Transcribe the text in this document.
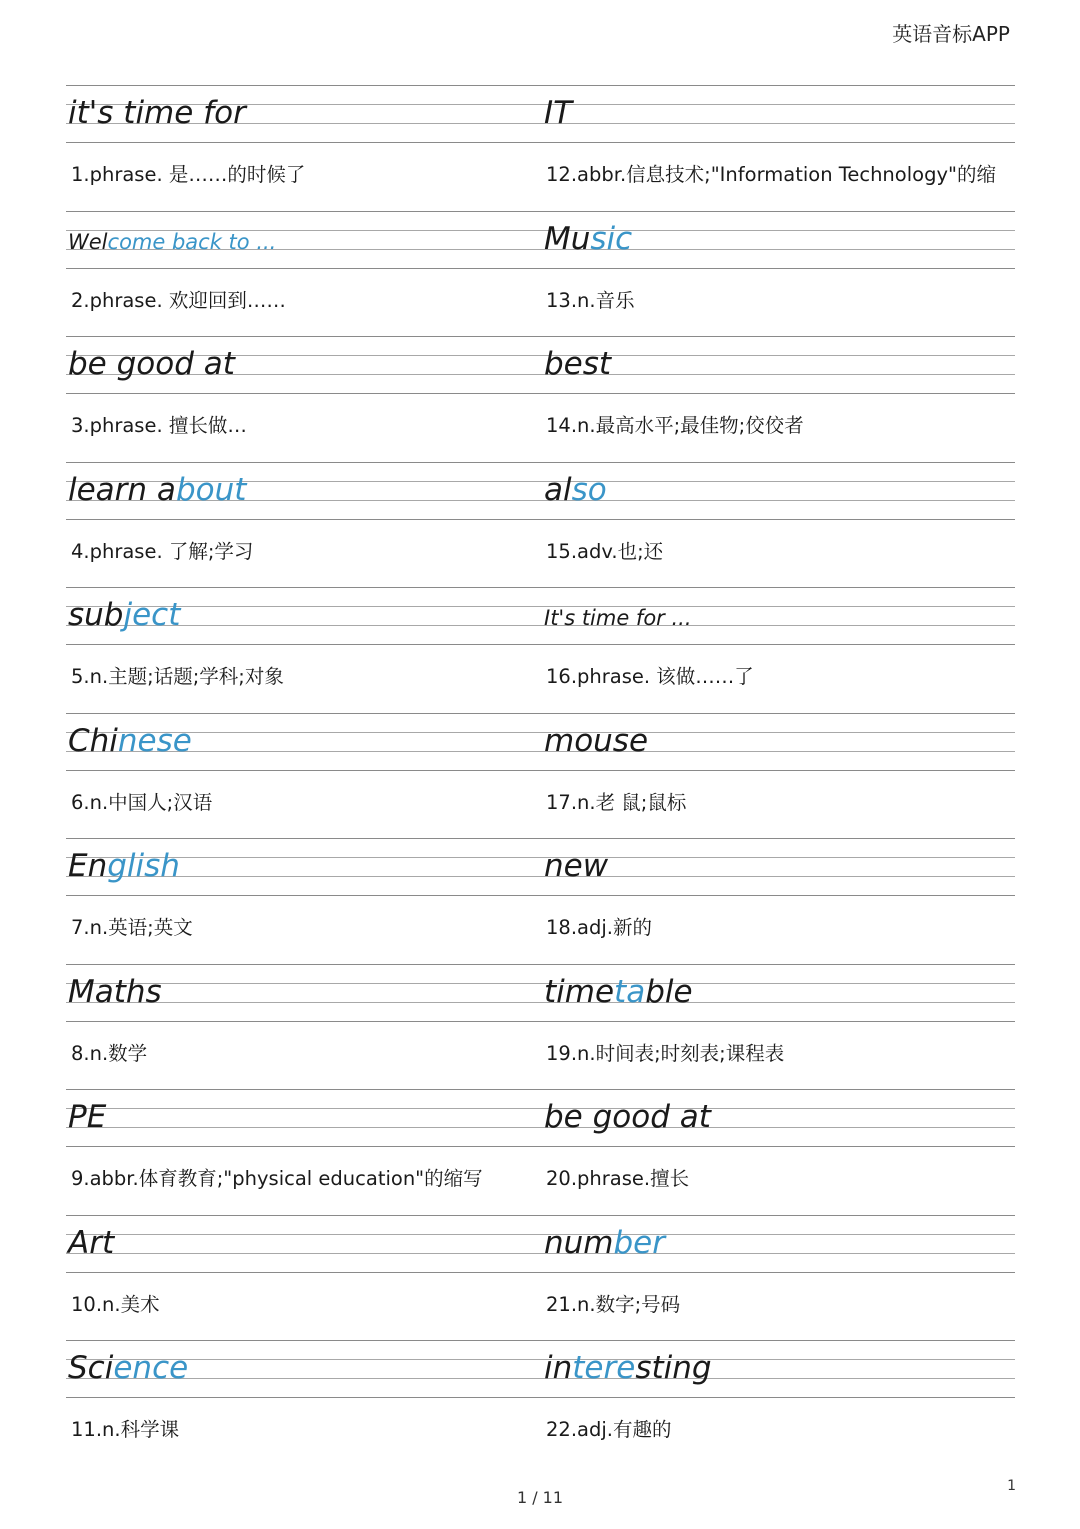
英语音标APP
it's time for	IT
1.phrase. 是……的时候了	12.abbr.信息技术;"Information Technology"的缩
Welcome back to ...	Music
2.phrase. 欢迎回到……	13.n.音乐
be good at	best
3.phrase. 擅长做…	14.n.最高水平;最佳物;佼佼者
learn about	also
4.phrase. 了解;学习	15.adv.也;还
subject	It's time for ...
5.n.主题;话题;学科;对象	16.phrase. 该做……了
Chinese	mouse
6.n.中国人;汉语	17.n.老 鼠;鼠标
English	new
7.n.英语;英文	18.adj.新的
Maths	timetable
8.n.数学	19.n.时间表;时刻表;课程表
PE	be good at
9.abbr.体育教育;"physical education"的缩写	20.phrase.擅长
Art	number
10.n.美术	21.n.数字;号码
Science	interesting
11.n.科学课	22.adj.有趣的
1 / 11
1
